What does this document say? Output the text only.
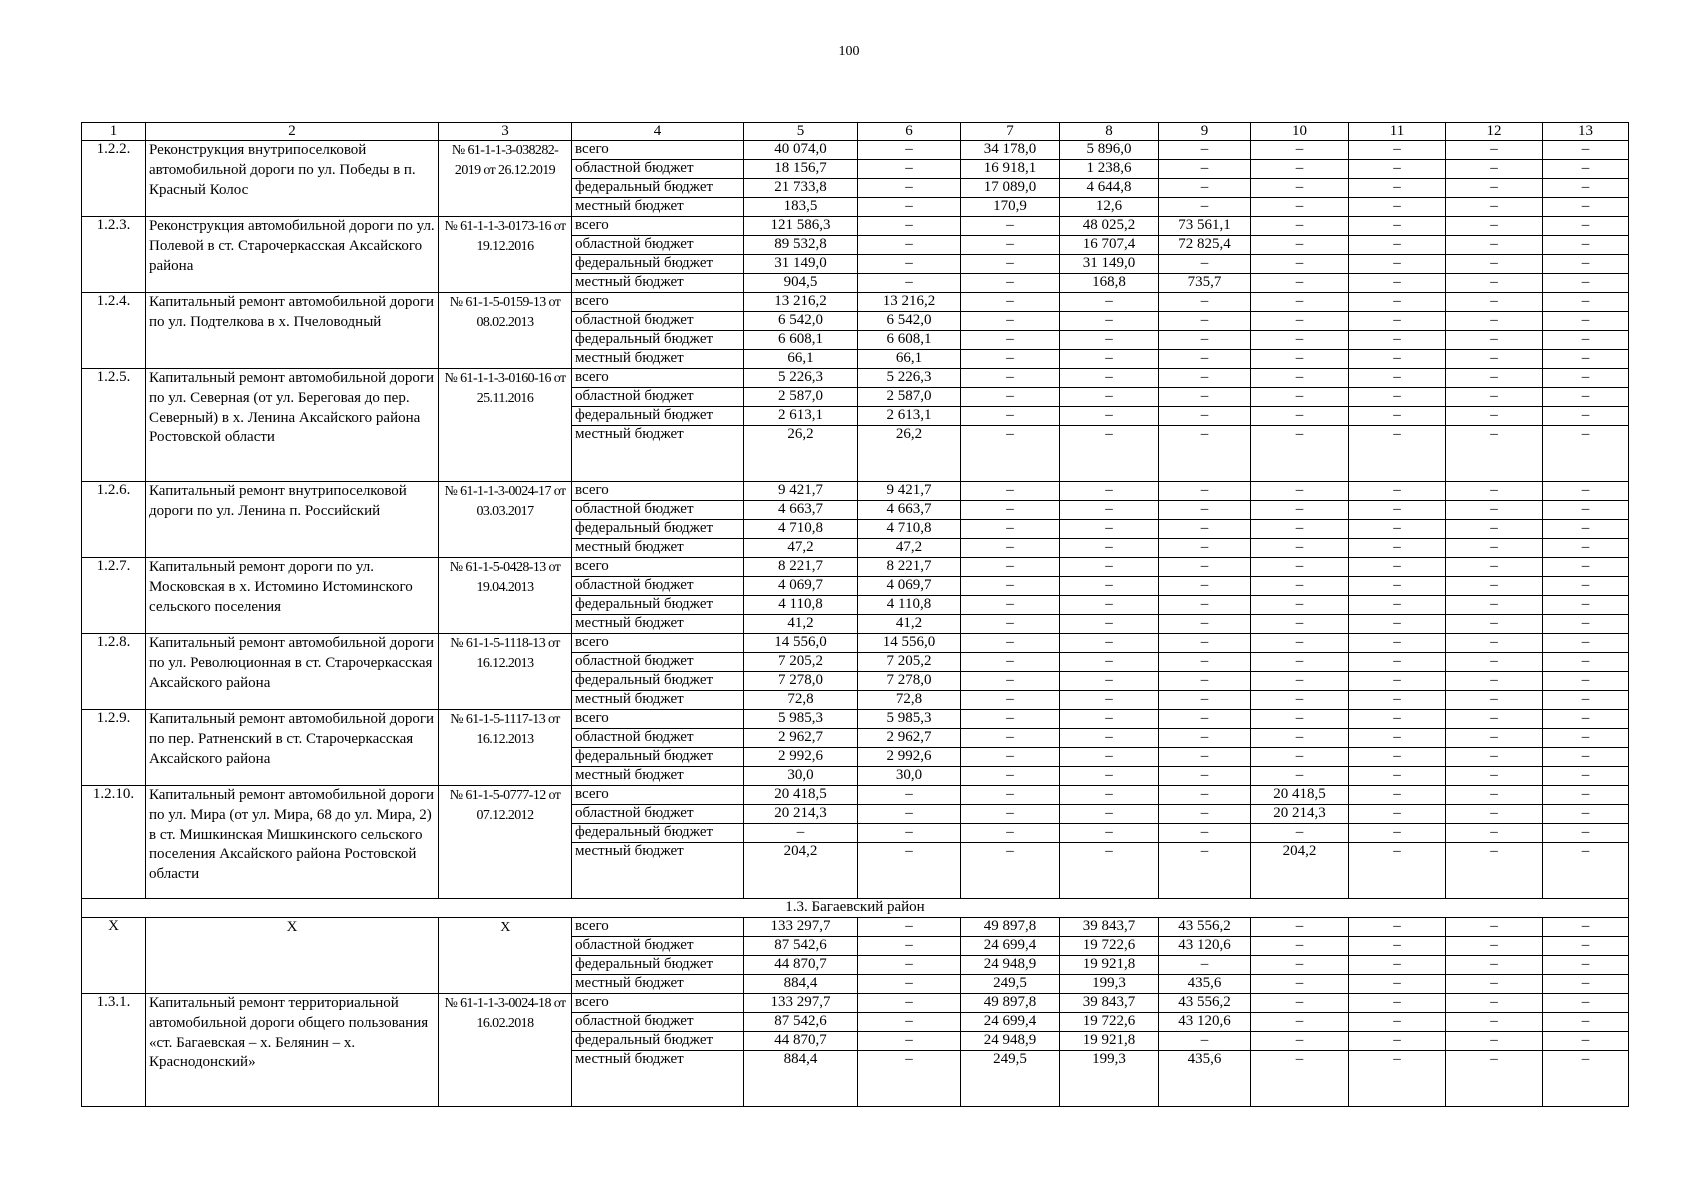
100
1	2	3	4	5	6	7	8	9	10	11	12	13
1.2.2.	Реконструкция внутрипоселковой автомобильной дороги по ул. Победы в п. Красный Колос	№ 61-1-1-3-038282-2019 от 26.12.2019	всего	40 074,0	–	34 178,0	5 896,0	–	–	–	–	–
			областной бюджет	18 156,7	–	16 918,1	1 238,6	–	–	–	–	–
			федеральный бюджет	21 733,8	–	17 089,0	4 644,8	–	–	–	–	–
			местный бюджет	183,5	–	170,9	12,6	–	–	–	–	–
1.2.3.	Реконструкция автомобильной дороги по ул. Полевой в ст. Старочеркасская Аксайского района	№ 61-1-1-3-0173-16 от 19.12.2016	всего	121 586,3	–	–	48 025,2	73 561,1	–	–	–	–
			областной бюджет	89 532,8	–	–	16 707,4	72 825,4	–	–	–	–
			федеральный бюджет	31 149,0	–	–	31 149,0	–	–	–	–	–
			местный бюджет	904,5	–	–	168,8	735,7	–	–	–	–
1.2.4.	Капитальный ремонт автомобильной дороги по ул. Подтелкова в х. Пчеловодный	№ 61-1-5-0159-13 от 08.02.2013	всего	13 216,2	13 216,2	–	–	–	–	–	–	–
			областной бюджет	6 542,0	6 542,0	–	–	–	–	–	–	–
			федеральный бюджет	6 608,1	6 608,1	–	–	–	–	–	–	–
			местный бюджет	66,1	66,1	–	–	–	–	–	–	–
1.2.5.	Капитальный ремонт автомобильной дороги по ул. Северная (от ул. Береговая до пер. Северный) в х. Ленина Аксайского района Ростовской области	№ 61-1-1-3-0160-16 от 25.11.2016	всего	5 226,3	5 226,3	–	–	–	–	–	–	–
			областной бюджет	2 587,0	2 587,0	–	–	–	–	–	–	–
			федеральный бюджет	2 613,1	2 613,1	–	–	–	–	–	–	–
			местный бюджет	26,2	26,2	–	–	–	–	–	–	–
1.2.6.	Капитальный ремонт внутрипоселковой дороги по ул. Ленина п. Российский	№ 61-1-1-3-0024-17 от 03.03.2017	всего	9 421,7	9 421,7	–	–	–	–	–	–	–
			областной бюджет	4 663,7	4 663,7	–	–	–	–	–	–	–
			федеральный бюджет	4 710,8	4 710,8	–	–	–	–	–	–	–
			местный бюджет	47,2	47,2	–	–	–	–	–	–	–
1.2.7.	Капитальный ремонт дороги по ул. Московская в х. Истомино Истоминского сельского поселения	№ 61-1-5-0428-13 от 19.04.2013	всего	8 221,7	8 221,7	–	–	–	–	–	–	–
			областной бюджет	4 069,7	4 069,7	–	–	–	–	–	–	–
			федеральный бюджет	4 110,8	4 110,8	–	–	–	–	–	–	–
			местный бюджет	41,2	41,2	–	–	–	–	–	–	–
1.2.8.	Капитальный ремонт автомобильной дороги по ул. Революционная в ст. Старочеркасская Аксайского района	№ 61-1-5-1118-13 от 16.12.2013	всего	14 556,0	14 556,0	–	–	–	–	–	–	–
			областной бюджет	7 205,2	7 205,2	–	–	–	–	–	–	–
			федеральный бюджет	7 278,0	7 278,0	–	–	–	–	–	–	–
			местный бюджет	72,8	72,8	–	–	–	–	–	–	–
1.2.9.	Капитальный ремонт автомобильной дороги по пер. Ратненский в ст. Старочеркасская Аксайского района	№ 61-1-5-1117-13 от 16.12.2013	всего	5 985,3	5 985,3	–	–	–	–	–	–	–
			областной бюджет	2 962,7	2 962,7	–	–	–	–	–	–	–
			федеральный бюджет	2 992,6	2 992,6	–	–	–	–	–	–	–
			местный бюджет	30,0	30,0	–	–	–	–	–	–	–
1.2.10.	Капитальный ремонт автомобильной дороги по ул. Мира (от ул. Мира, 68 до ул. Мира, 2) в ст. Мишкинская Мишкинского сельского поселения Аксайского района Ростовской области	№ 61-1-5-0777-12 от 07.12.2012	всего	20 418,5	–	–	–	–	20 418,5	–	–	–
			областной бюджет	20 214,3	–	–	–	–	20 214,3	–	–	–
			федеральный бюджет	–	–	–	–	–	–	–	–	–
			местный бюджет	204,2	–	–	–	–	204,2	–	–	–
1.3. Багаевский район												
Х	Х	Х	всего	133 297,7	–	49 897,8	39 843,7	43 556,2	–	–	–	–
			областной бюджет	87 542,6	–	24 699,4	19 722,6	43 120,6	–	–	–	–
			федеральный бюджет	44 870,7	–	24 948,9	19 921,8	–	–	–	–	–
			местный бюджет	884,4	–	249,5	199,3	435,6	–	–	–	–
1.3.1.	Капитальный ремонт территориальной автомобильной дороги общего пользования «ст. Багаевская – х. Белянин – х. Краснодонский»	№ 61-1-1-3-0024-18 от 16.02.2018	всего	133 297,7	–	49 897,8	39 843,7	43 556,2	–	–	–	–
			областной бюджет	87 542,6	–	24 699,4	19 722,6	43 120,6	–	–	–	–
			федеральный бюджет	44 870,7	–	24 948,9	19 921,8	–	–	–	–	–
			местный бюджет	884,4	–	249,5	199,3	435,6	–	–	–	–
